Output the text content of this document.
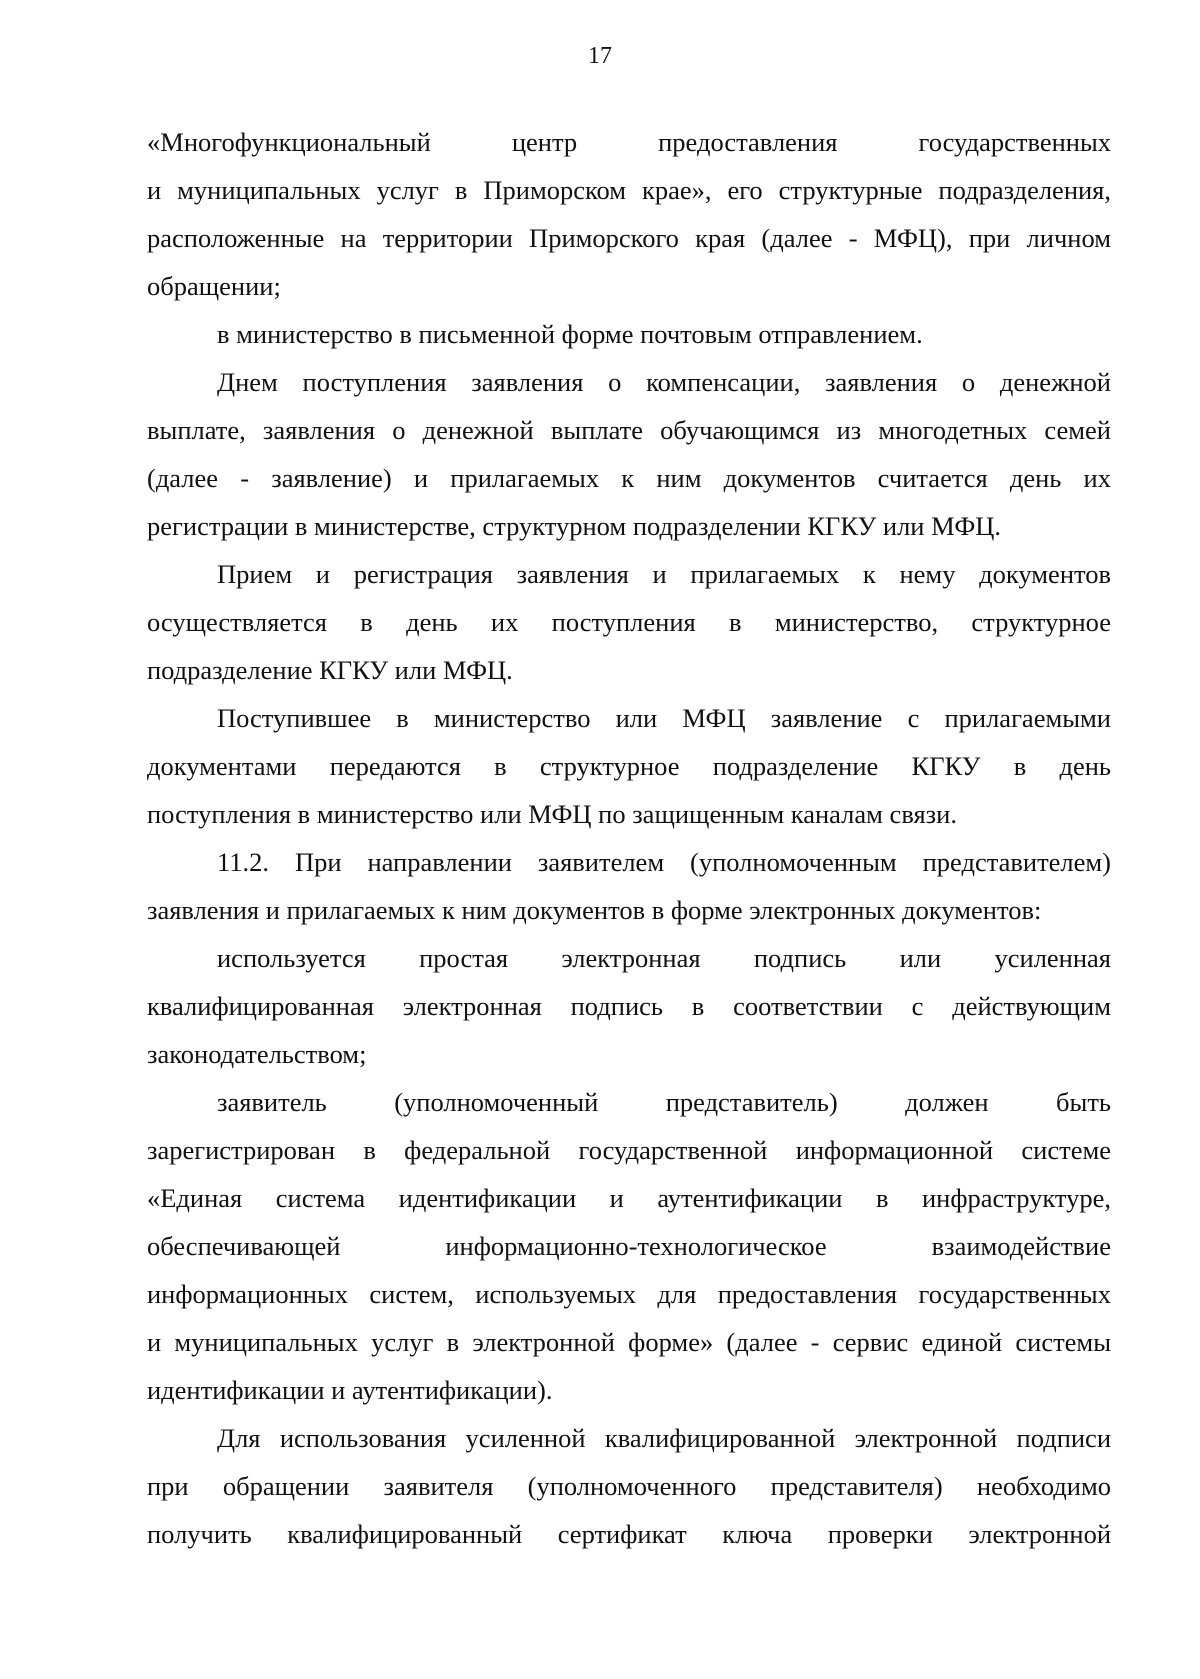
17
«Многофункциональный центр предоставления государственных
и муниципальных услуг в Приморском крае», его структурные подразделения,
расположенные на территории Приморского края (далее - МФЦ), при личном
обращении;
в министерство в письменной форме почтовым отправлением.
Днем поступления заявления о компенсации, заявления о денежной
выплате, заявления о денежной выплате обучающимся из многодетных семей
(далее - заявление) и прилагаемых к ним документов считается день их
регистрации в министерстве, структурном подразделении КГКУ или МФЦ.
Прием и регистрация заявления и прилагаемых к нему документов
осуществляется в день их поступления в министерство, структурное
подразделение КГКУ или МФЦ.
Поступившее в министерство или МФЦ заявление с прилагаемыми
документами передаются в структурное подразделение КГКУ в день
поступления в министерство или МФЦ по защищенным каналам связи.
11.2. При направлении заявителем (уполномоченным представителем)
заявления и прилагаемых к ним документов в форме электронных документов:
используется простая электронная подпись или усиленная
квалифицированная электронная подпись в соответствии с действующим
законодательством;
заявитель (уполномоченный представитель) должен быть
зарегистрирован в федеральной государственной информационной системе
«Единая система идентификации и аутентификации в инфраструктуре,
обеспечивающей информационно-технологическое взаимодействие
информационных систем, используемых для предоставления государственных
и муниципальных услуг в электронной форме» (далее - сервис единой системы
идентификации и аутентификации).
Для использования усиленной квалифицированной электронной подписи
при обращении заявителя (уполномоченного представителя) необходимо
получить квалифицированный сертификат ключа проверки электронной
